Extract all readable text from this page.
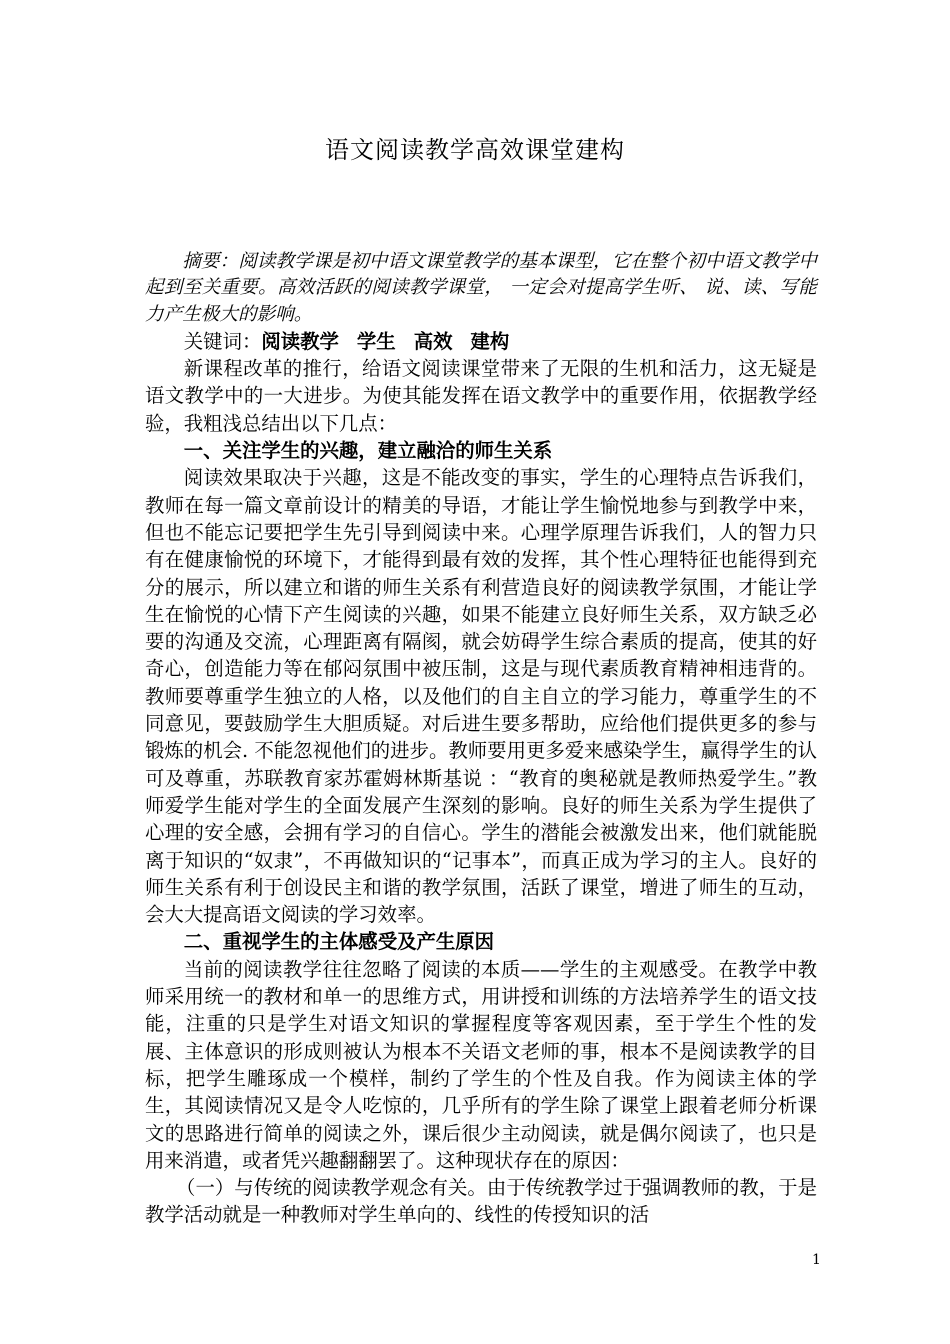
语文阅读教学高效课堂建构

摘要：阅读教学课是初中语文课堂教学的基本课型，它在整个初中语文教学中起到至关重要。高效活跃的阅读教学课堂， 一定会对提高学生听、 说、读、写能力产生极大的影响。

关键词：阅读教学 学生 高效 建构

新课程改革的推行，给语文阅读课堂带来了无限的生机和活力，这无疑是语文教学中的一大进步。为使其能发挥在语文教学中的重要作用，依据教学经验，我粗浅总结出以下几点：

一、关注学生的兴趣，建立融洽的师生关系

阅读效果取决于兴趣，这是不能改变的事实，学生的心理特点告诉我们，教师在每一篇文章前设计的精美的导语，才能让学生愉悦地参与到教学中来，但也不能忘记要把学生先引导到阅读中来。心理学原理告诉我们，人的智力只有在健康愉悦的环境下，才能得到最有效的发挥，其个性心理特征也能得到充分的展示，所以建立和谐的师生关系有利营造良好的阅读教学氛围，才能让学生在愉悦的心情下产生阅读的兴趣，如果不能建立良好师生关系，双方缺乏必要的沟通及交流，心理距离有隔阂，就会妨碍学生综合素质的提高，使其的好奇心，创造能力等在郁闷氛围中被压制，这是与现代素质教育精神相违背的。教师要尊重学生独立的人格，以及他们的自主自立的学习能力，尊重学生的不同意见，要鼓励学生大胆质疑。对后进生要多帮助，应给他们提供更多的参与锻炼的机会. 不能忽视他们的进步。教师要用更多爱来感染学生，赢得学生的认可及尊重，苏联教育家苏霍姆林斯基说 ：“教育的奥秘就是教师热爱学生。”教师爱学生能对学生的全面发展产生深刻的影响。良好的师生关系为学生提供了心理的安全感，会拥有学习的自信心。学生的潜能会被激发出来，他们就能脱离于知识的“奴隶”，不再做知识的“记事本”，而真正成为学习的主人。良好的师生关系有利于创设民主和谐的教学氛围，活跃了课堂，增进了师生的互动， 会大大提高语文阅读的学习效率。

二、重视学生的主体感受及产生原因

当前的阅读教学往往忽略了阅读的本质——学生的主观感受。在教学中教师采用统一的教材和单一的思维方式，用讲授和训练的方法培养学生的语文技能，注重的只是学生对语文知识的掌握程度等客观因素，至于学生个性的发展、主体意识的形成则被认为根本不关语文老师的事，根本不是阅读教学的目标，把学生雕琢成一个模样，制约了学生的个性及自我。作为阅读主体的学生，其阅读情况又是令人吃惊的，几乎所有的学生除了课堂上跟着老师分析课文的思路进行简单的阅读之外，课后很少主动阅读，就是偶尔阅读了，也只是用来消遣，或者凭兴趣翻翻罢了。这种现状存在的原因：

（一）与传统的阅读教学观念有关。由于传统教学过于强调教师的教，于是教学活动就是一种教师对学生单向的、线性的传授知识的活

1
